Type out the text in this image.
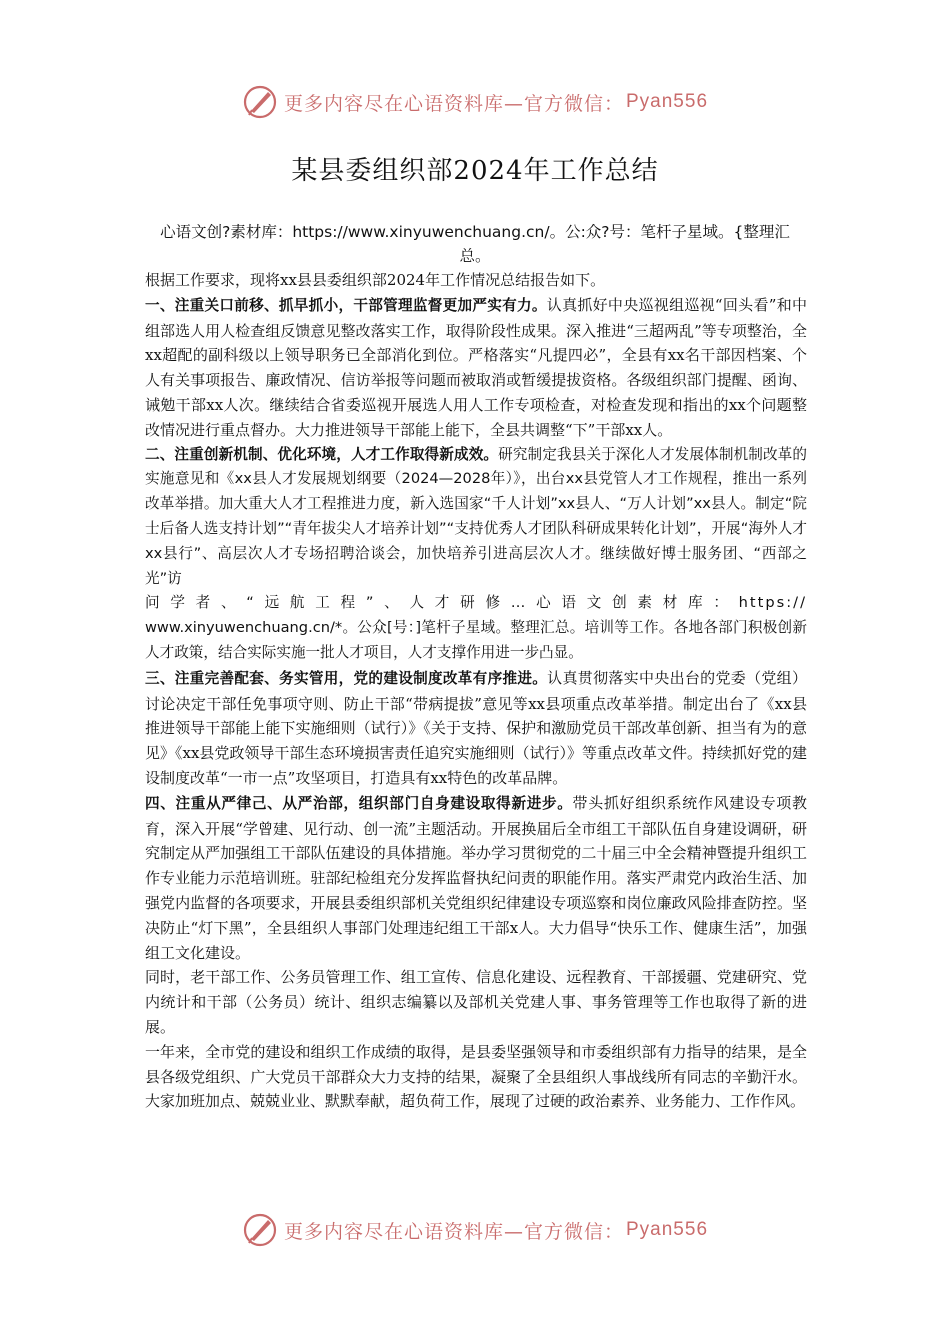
更多内容尽在心语资料库—官方微信： Pyan556
某县委组织部2024年工作总结
心语文创?素材库：https://www.xinyuwenchuang.cn/。公:众?号：笔杆子星域。{整理汇总。

根据工作要求，现将xx县县委组织部2024年工作情况总结报告如下。

一、注重关口前移、抓早抓小，干部管理监督更加严实有力。认真抓好中央巡视组巡视“回头看”和中组部选人用人检查组反馈意见整改落实工作，取得阶段性成果。深入推进“三超两乱”等专项整治，全xx超配的副科级以上领导职务已全部消化到位。严格落实“凡提四必”，全县有xx名干部因档案、个人有关事项报告、廉政情况、信访举报等问题而被取消或暂缓提拔资格。各级组织部门提醒、函询、诫勉干部xx人次。继续结合省委巡视开展选人用人工作专项检查，对检查发现和指出的xx个问题整改情况进行重点督办。大力推进领导干部能上能下，全县共调整“下”干部xx人。

二、注重创新机制、优化环境，人才工作取得新成效。研究制定我县关于深化人才发展体制机制改革的实施意见和《xx县人才发展规划纲要（2024—2028年）》，出台xx县党管人才工作规程，推出一系列改革举措。加大重大人才工程推进力度，新入选国家“千人计划”xx县人、“万人计划”xx县人。制定“院士后备人选支持计划”“青年拔尖人才培养计划”“支持优秀人才团队科研成果转化计划”，开展“海外人才xx县行”、高层次人才专场招聘洽谈会，加快培养引进高层次人才。继续做好博士服务团、“西部之光”访

问学者、“远航工程”、人才研修…心语文创素材库：https://

www.xinyuwenchuang.cn/*。公众[号：]笔杆子星域。整理汇总。培训等工作。各地各部门积极创新人才政策，结合实际实施一批人才项目，人才支撑作用进一步凸显。

三、注重完善配套、务实管用，党的建设制度改革有序推进。认真贯彻落实中央出台的党委（党组）讨论决定干部任免事项守则、防止干部“带病提拔”意见等xx县项重点改革举措。制定出台了《xx县推进领导干部能上能下实施细则（试行）》《关于支持、保护和激励党员干部改革创新、担当有为的意见》《xx县党政领导干部生态环境损害责任追究实施细则（试行）》等重点改革文件。持续抓好党的建设制度改革“一市一点”攻坚项目，打造具有xx特色的改革品牌。

四、注重从严律己、从严治部，组织部门自身建设取得新进步。带头抓好组织系统作风建设专项教育，深入开展“学曾建、见行动、创一流”主题活动。开展换届后全市组工干部队伍自身建设调研，研究制定从严加强组工干部队伍建设的具体措施。举办学习贯彻党的二十届三中全会精神暨提升组织工作专业能力示范培训班。驻部纪检组充分发挥监督执纪问责的职能作用。落实严肃党内政治生活、加强党内监督的各项要求，开展县委组织部机关党组织纪律建设专项巡察和岗位廉政风险排查防控。坚决防止“灯下黑”，全县组织人事部门处理违纪组工干部x人。大力倡导“快乐工作、健康生活”，加强组工文化建设。

同时，老干部工作、公务员管理工作、组工宣传、信息化建设、远程教育、干部援疆、党建研究、党内统计和干部（公务员）统计、组织志编纂以及部机关党建人事、事务管理等工作也取得了新的进展。

一年来，全市党的建设和组织工作成绩的取得，是县委坚强领导和市委组织部有力指导的结果，是全县各级党组织、广大党员干部群众大力支持的结果，凝聚了全县组织人事战线所有同志的辛勤汗水。大家加班加点、兢兢业业、默默奉献，超负荷工作，展现了过硬的政治素养、业务能力、工作作风。

更多内容尽在心语资料库—官方微信： Pyan556
